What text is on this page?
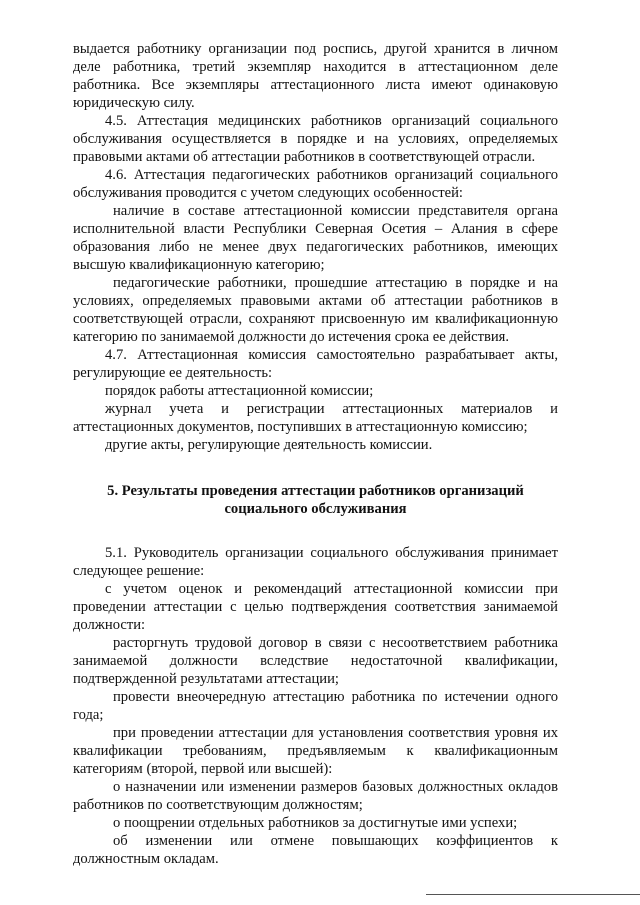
выдается работнику организации под роспись, другой хранится в личном деле работника, третий экземпляр находится в аттестационном деле работника. Все экземпляры аттестационного листа имеют одинаковую юридическую силу.

4.5. Аттестация медицинских работников организаций социального обслуживания осуществляется в порядке и на условиях, определяемых правовыми актами об аттестации работников в соответствующей отрасли.

4.6. Аттестация педагогических работников организаций социального обслуживания проводится с учетом следующих особенностей:

наличие в составе аттестационной комиссии представителя органа исполнительной власти Республики Северная Осетия – Алания в сфере образования либо не менее двух педагогических работников, имеющих высшую квалификационную категорию;

педагогические работники, прошедшие аттестацию в порядке и на условиях, определяемых правовыми актами об аттестации работников в соответствующей отрасли, сохраняют присвоенную им квалификационную категорию по занимаемой должности до истечения срока ее действия.

4.7. Аттестационная комиссия самостоятельно разрабатывает акты, регулирующие ее деятельность:

порядок работы аттестационной комиссии;

журнал учета и регистрации аттестационных материалов и аттестационных документов, поступивших в аттестационную комиссию;

другие акты, регулирующие деятельность комиссии.

5. Результаты проведения аттестации работников организаций социального обслуживания

5.1. Руководитель организации социального обслуживания принимает следующее решение:

с учетом оценок и рекомендаций аттестационной комиссии при проведении аттестации с целью подтверждения соответствия занимаемой должности:

расторгнуть трудовой договор в связи с несоответствием работника занимаемой должности вследствие недостаточной квалификации, подтвержденной результатами аттестации;

провести внеочередную аттестацию работника по истечении одного года;

при проведении аттестации для установления соответствия уровня их квалификации требованиям, предъявляемым к квалификационным категориям (второй, первой или высшей):

о назначении или изменении размеров базовых должностных окладов работников по соответствующим должностям;

о поощрении отдельных работников за достигнутые ими успехи;

об изменении или отмене повышающих коэффициентов к должностным окладам.
